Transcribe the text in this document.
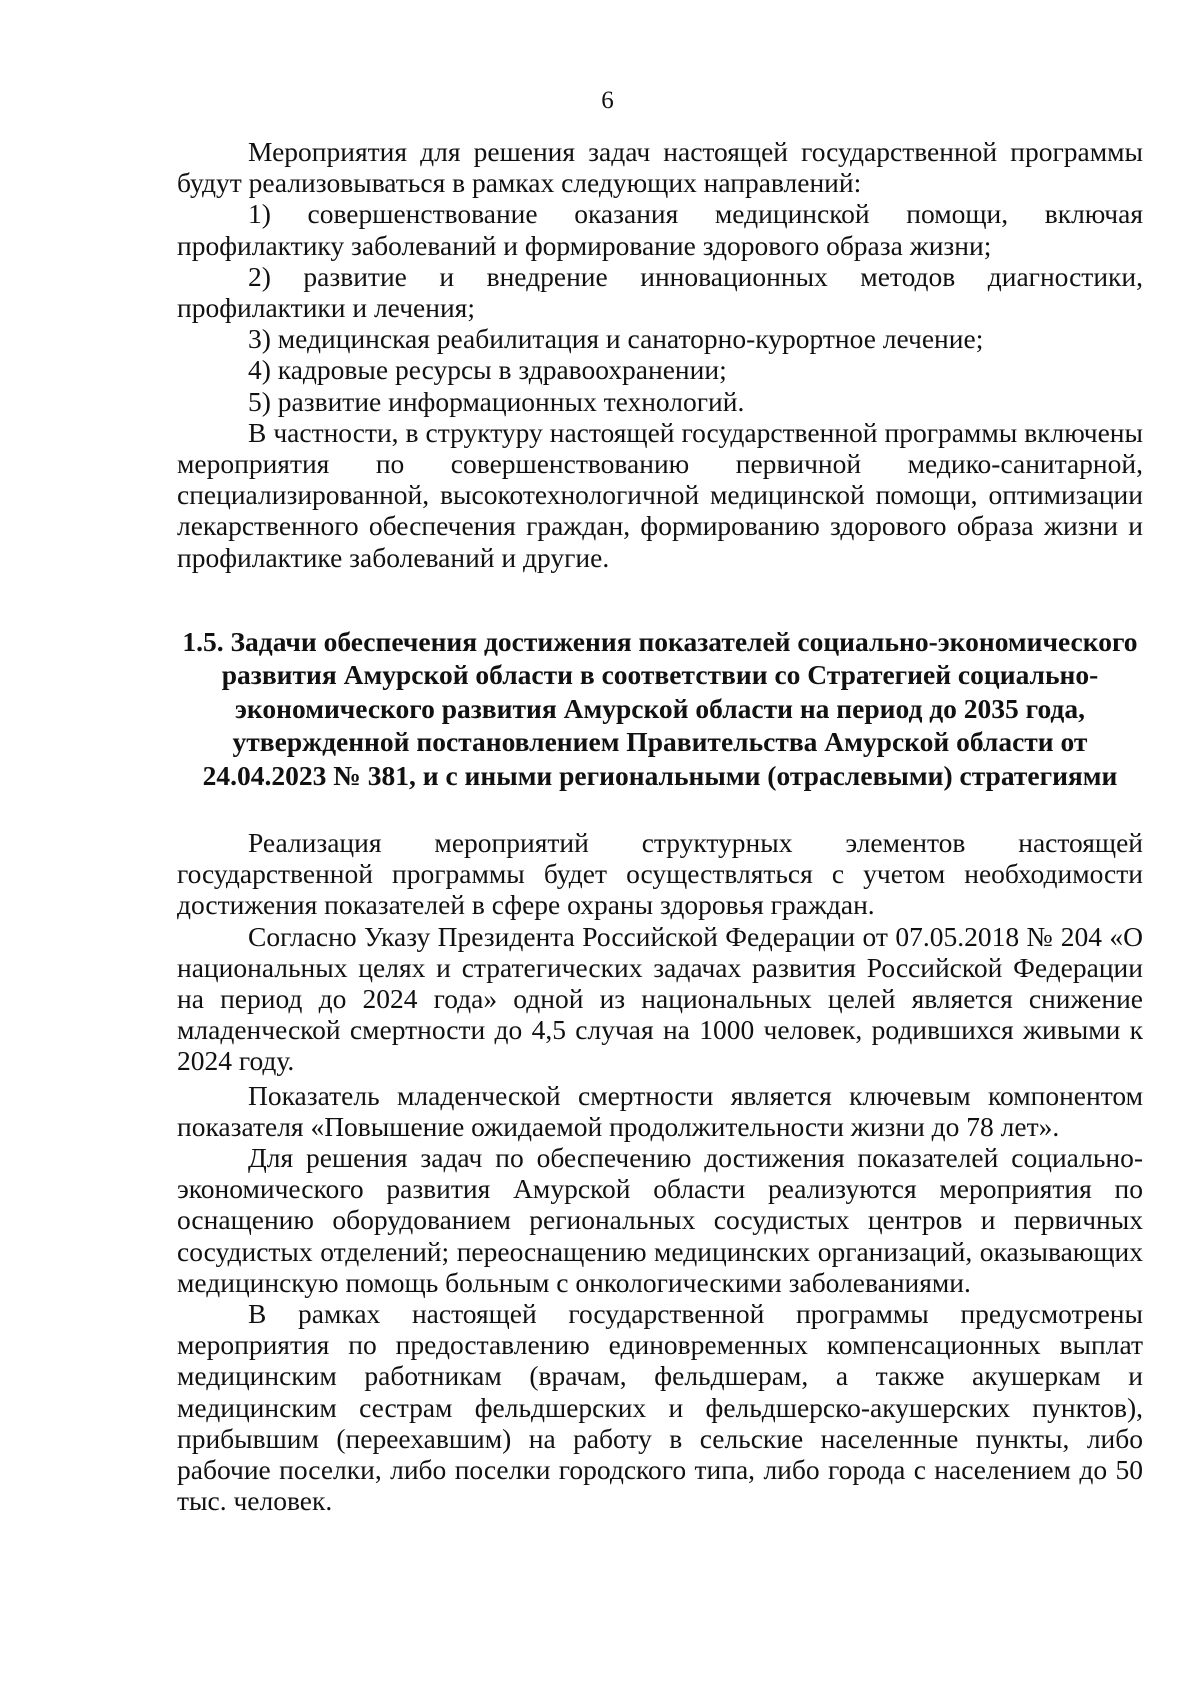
6

Мероприятия для решения задач настоящей государственной программы будут реализовываться в рамках следующих направлений:

1) совершенствование оказания медицинской помощи, включая профилактику заболеваний и формирование здорового образа жизни;

2) развитие и внедрение инновационных методов диагностики, профилактики и лечения;

3) медицинская реабилитация и санаторно-курортное лечение;

4) кадровые ресурсы в здравоохранении;

5) развитие информационных технологий.

В частности, в структуру настоящей государственной программы включены мероприятия по совершенствованию первичной медико-санитарной, специализированной, высокотехнологичной медицинской помощи, оптимизации лекарственного обеспечения граждан, формированию здорового образа жизни и профилактике заболеваний и другие.

1.5. Задачи обеспечения достижения показателей социально-экономического развития Амурской области в соответствии со Стратегией социально-экономического развития Амурской области на период до 2035 года, утвержденной постановлением Правительства Амурской области от 24.04.2023 № 381, и с иными региональными (отраслевыми) стратегиями

Реализация мероприятий структурных элементов настоящей государственной программы будет осуществляться с учетом необходимости достижения показателей в сфере охраны здоровья граждан.

Согласно Указу Президента Российской Федерации от 07.05.2018 № 204 «О национальных целях и стратегических задачах развития Российской Федерации на период до 2024 года» одной из национальных целей является снижение младенческой смертности до 4,5 случая на 1000 человек, родившихся живыми к 2024 году.

Показатель младенческой смертности является ключевым компонентом показателя «Повышение ожидаемой продолжительности жизни до 78 лет».

Для решения задач по обеспечению достижения показателей социально-экономического развития Амурской области реализуются мероприятия по оснащению оборудованием региональных сосудистых центров и первичных сосудистых отделений; переоснащению медицинских организаций, оказывающих медицинскую помощь больным с онкологическими заболеваниями.

В рамках настоящей государственной программы предусмотрены мероприятия по предоставлению единовременных компенсационных выплат медицинским работникам (врачам, фельдшерам, а также акушеркам и медицинским сестрам фельдшерских и фельдшерско-акушерских пунктов), прибывшим (переехавшим) на работу в сельские населенные пункты, либо рабочие поселки, либо поселки городского типа, либо города с населением до 50 тыс. человек.
